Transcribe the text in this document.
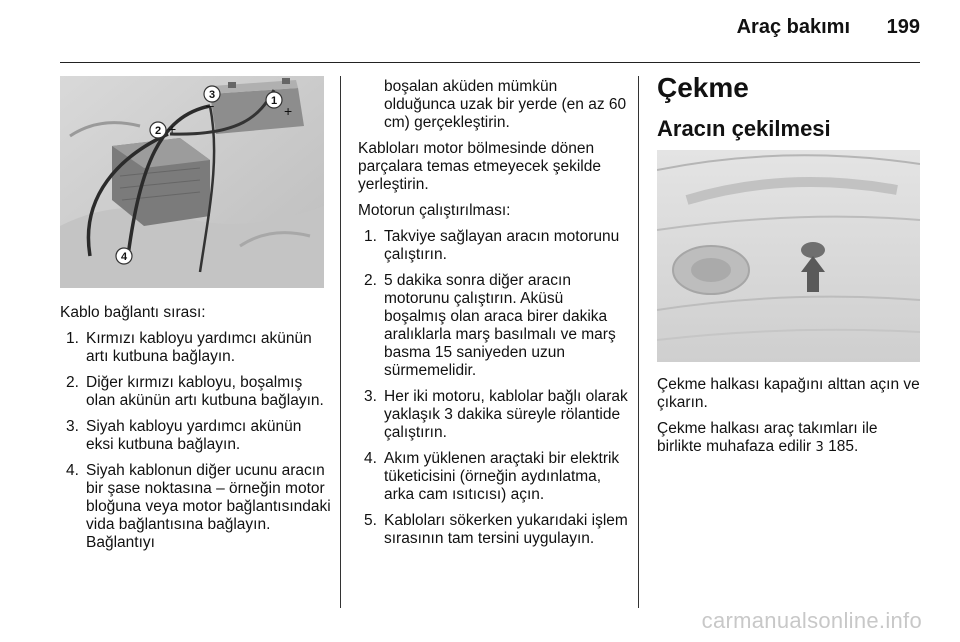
Araç bakımı 199
1
+
2 +
3
–
4

Kablo bağlantı sırası:

1. Kırmızı kabloyu yardımcı akünün artı kutbuna bağlayın.
2. Diğer kırmızı kabloyu, boşalmış olan akünün artı kutbuna bağlayın.
3. Siyah kabloyu yardımcı akünün eksi kutbuna bağlayın.
4. Siyah kablonun diğer ucunu aracın bir şase noktasına – örneğin motor bloğuna veya motor bağlantısındaki vida bağlantısına bağlayın. Bağlantıyı

boşalan aküden mümkün olduğunca uzak bir yerde (en az 60 cm) gerçekleştirin.

Kabloları motor bölmesinde dönen parçalara temas etmeyecek şekilde yerleştirin.

Motorun çalıştırılması:

1. Takviye sağlayan aracın motorunu çalıştırın.
2. 5 dakika sonra diğer aracın motorunu çalıştırın. Aküsü boşalmış olan araca birer dakika aralıklarla marş basılmalı ve marş basma 15 saniyeden uzun sürmemelidir.
3. Her iki motoru, kablolar bağlı olarak yaklaşık 3 dakika süreyle rölantide çalıştırın.
4. Akım yüklenen araçtaki bir elektrik tüketicisini (örneğin aydınlatma, arka cam ısıtıcısı) açın.
5. Kabloları sökerken yukarıdaki işlem sırasının tam tersini uygulayın.
Çekme
Aracın çekilmesi

Çekme halkası kapağını alttan açın ve çıkarın.

Çekme halkası araç takımları ile birlikte muhafaza edilir 3 185.

carmanualsonline.info
